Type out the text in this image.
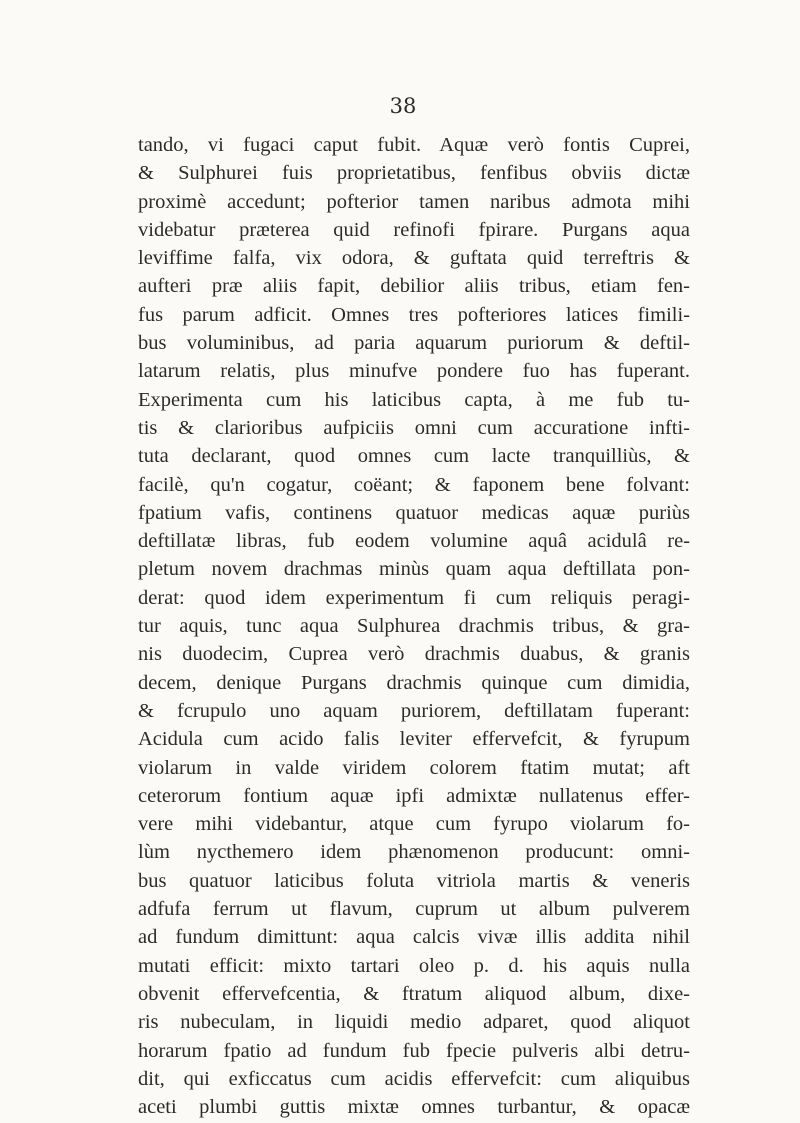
38
tando, vi fugaci caput fubit. Aquæ verò fontis Cuprei,
& Sulphurei fuis proprietatibus, fenfibus obviis dictæ
proximè accedunt; pofterior tamen naribus admota mihi
videbatur præterea quid refinofi fpirare. Purgans aqua
leviffime falfa, vix odora, & guftata quid terreftris &
aufteri præ aliis fapit, debilior aliis tribus, etiam fen-
fus parum adficit. Omnes tres pofteriores latices fimili-
bus voluminibus, ad paria aquarum puriorum & deftil-
latarum relatis, plus minufve pondere fuo has fuperant.
Experimenta cum his laticibus capta, à me fub tu-
tis & clarioribus aufpiciis omni cum accuratione infti-
tuta declarant, quod omnes cum lacte tranquilliùs, &
facilè, qu'n cogatur, coëant; & faponem bene folvant:
fpatium vafis, continens quatuor medicas aquæ puriùs
deftillatæ libras, fub eodem volumine aquâ acidulâ re-
pletum novem drachmas minùs quam aqua deftillata pon-
derat: quod idem experimentum fi cum reliquis peragi-
tur aquis, tunc aqua Sulphurea drachmis tribus, & gra-
nis duodecim, Cuprea verò drachmis duabus, & granis
decem, denique Purgans drachmis quinque cum dimidia,
& fcrupulo uno aquam puriorem, deftillatam fuperant:
Acidula cum acido falis leviter effervefcit, & fyrupum
violarum in valde viridem colorem ftatim mutat; aft
ceterorum fontium aquæ ipfi admixtæ nullatenus effer-
vere mihi videbantur, atque cum fyrupo violarum fo-
lùm nycthemero idem phænomenon producunt: omni-
bus quatuor laticibus foluta vitriola martis & veneris
adfufa ferrum ut flavum, cuprum ut album pulverem
ad fundum dimittunt: aqua calcis vivæ illis addita nihil
mutati efficit: mixto tartari oleo p. d. his aquis nulla
obvenit effervefcentia, & ftratum aliquod album, dixe-
ris nubeculam, in liquidi medio adparet, quod aliquot
horarum fpatio ad fundum fub fpecie pulveris albi detru-
dit, qui exficcatus cum acidis effervefcit: cum aliquibus
aceti plumbi guttis mixtæ omnes turbantur, & opacæ
